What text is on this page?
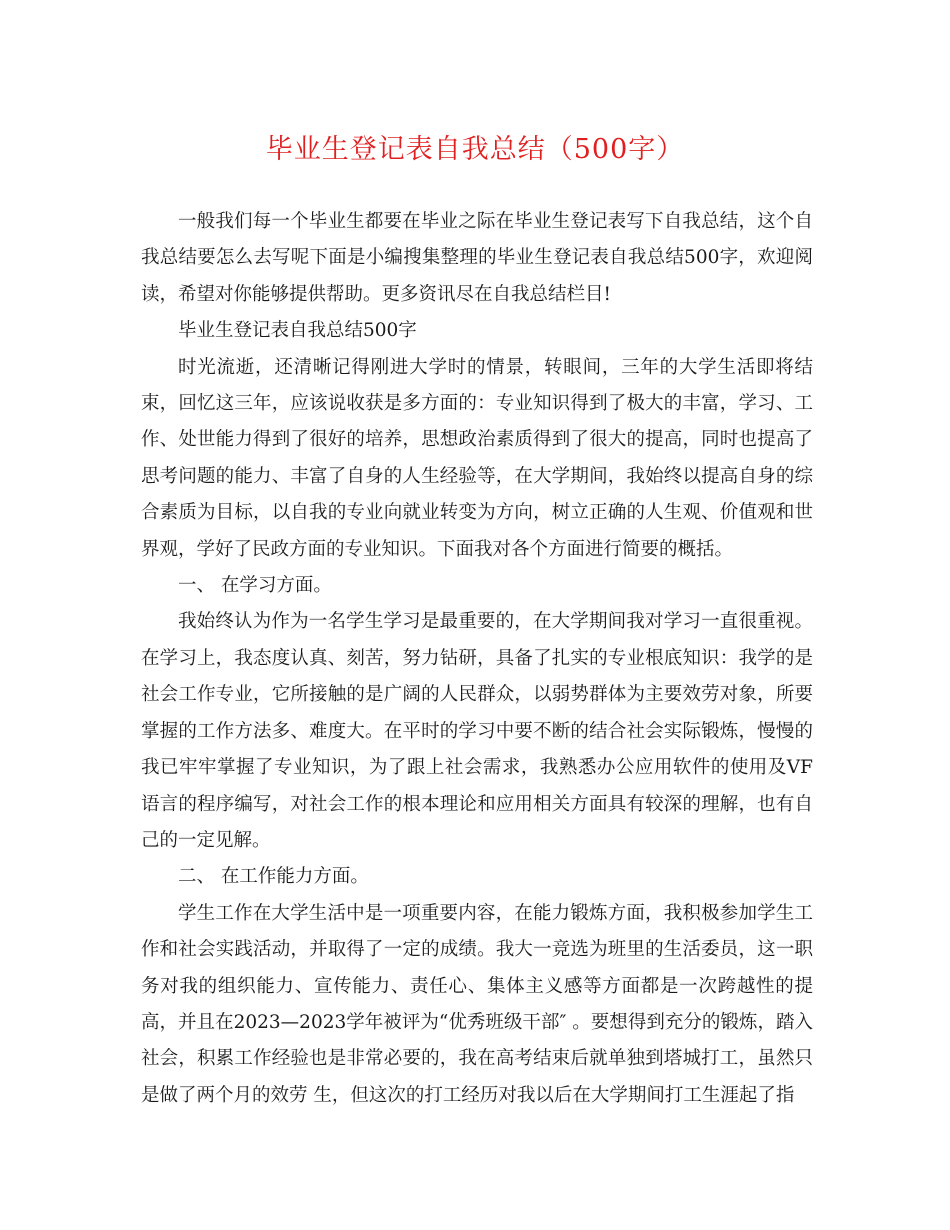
毕业生登记表自我总结（500字）

一般我们每一个毕业生都要在毕业之际在毕业生登记表写下自我总结，这个自我总结要怎么去写呢下面是小编搜集整理的毕业生登记表自我总结500字，欢迎阅读，希望对你能够提供帮助。更多资讯尽在自我总结栏目!

毕业生登记表自我总结500字

时光流逝，还清晰记得刚进大学时的情景，转眼间，三年的大学生活即将结束，回忆这三年，应该说收获是多方面的：专业知识得到了极大的丰富，学习、工作、处世能力得到了很好的培养，思想政治素质得到了很大的提高，同时也提高了思考问题的能力、丰富了自身的人生经验等，在大学期间，我始终以提高自身的综合素质为目标，以自我的专业向就业转变为方向，树立正确的人生观、价值观和世界观，学好了民政方面的专业知识。下面我对各个方面进行简要的概括。

一、 在学习方面。

我始终认为作为一名学生学习是最重要的，在大学期间我对学习一直很重视。在学习上，我态度认真、刻苦，努力钻研，具备了扎实的专业根底知识：我学的是社会工作专业，它所接触的是广阔的人民群众，以弱势群体为主要效劳对象，所要掌握的工作方法多、难度大。在平时的学习中要不断的结合社会实际锻炼，慢慢的我已牢牢掌握了专业知识，为了跟上社会需求，我熟悉办公应用软件的使用及VF语言的程序编写，对社会工作的根本理论和应用相关方面具有较深的理解，也有自己的一定见解。

二、 在工作能力方面。

学生工作在大学生活中是一项重要内容，在能力锻炼方面，我积极参加学生工作和社会实践活动，并取得了一定的成绩。我大一竞选为班里的生活委员，这一职务对我的组织能力、宣传能力、责任心、集体主义感等方面都是一次跨越性的提高，并且在2023—2023学年被评为“优秀班级干部″ 。要想得到充分的锻炼，踏入社会，积累工作经验也是非常必要的，我在高考结束后就单独到塔城打工，虽然只是做了两个月的效劳 生，但这次的打工经历对我以后在大学期间打工生涯起了指
